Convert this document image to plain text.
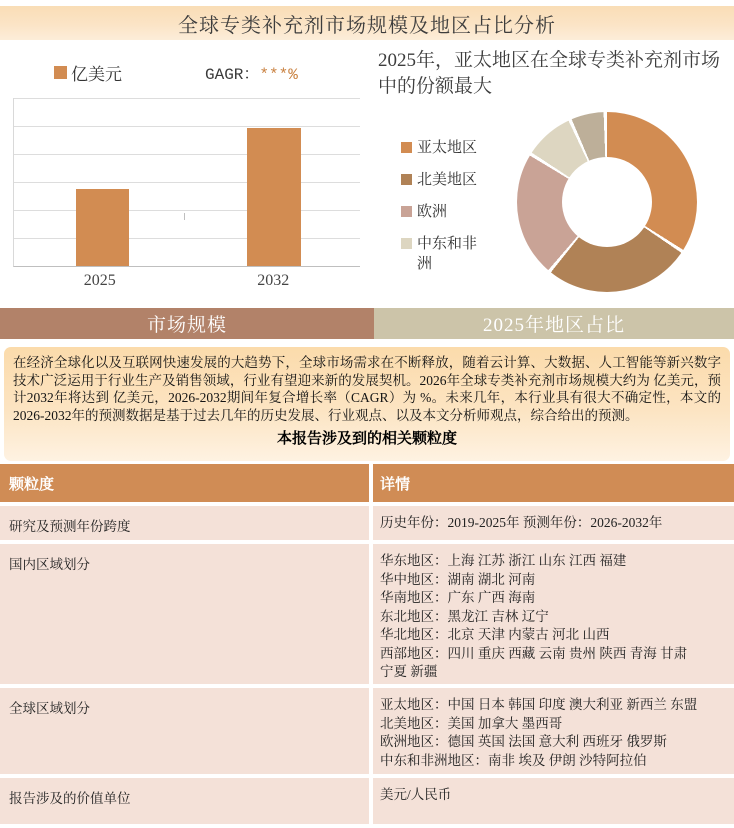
全球专类补充剂市场规模及地区占比分析
亿美元	GAGR：***%
2025	2032
2025年，亚太地区在全球专类补充剂市场中的份额最大
亚太地区
北美地区
欧洲
中东和非洲
市场规模	2025年地区占比

在经济全球化以及互联网快速发展的大趋势下，全球市场需求在不断释放，随着云计算、大数据、人工智能等新兴数字技术广泛运用于行业生产及销售领域，行业有望迎来新的发展契机。2026年全球专类补充剂市场规模大约为 亿美元，预计2032年将达到 亿美元，2026-2032期间年复合增长率（CAGR）为 %。未来几年，本行业具有很大不确定性，本文的2026-2032年的预测数据是基于过去几年的历史发展、行业观点、以及本文分析师观点，综合给出的预测。

本报告涉及到的相关颗粒度
颗粒度	详情
研究及预测年份跨度	历史年份：2019-2025年 预测年份：2026-2032年
国内区域划分	华东地区：上海 江苏 浙江 山东 江西 福建
华中地区：湖南 湖北 河南
华南地区：广东 广西 海南
东北地区：黑龙江 吉林 辽宁
华北地区：北京 天津 内蒙古 河北 山西
西部地区：四川 重庆 西藏 云南 贵州 陕西 青海 甘肃
宁夏 新疆
全球区域划分	亚太地区：中国 日本 韩国 印度 澳大利亚 新西兰 东盟
北美地区：美国 加拿大 墨西哥
欧洲地区：德国 英国 法国 意大利 西班牙 俄罗斯
中东和非洲地区：南非 埃及 伊朗 沙特阿拉伯
报告涉及的价值单位	美元/人民币
